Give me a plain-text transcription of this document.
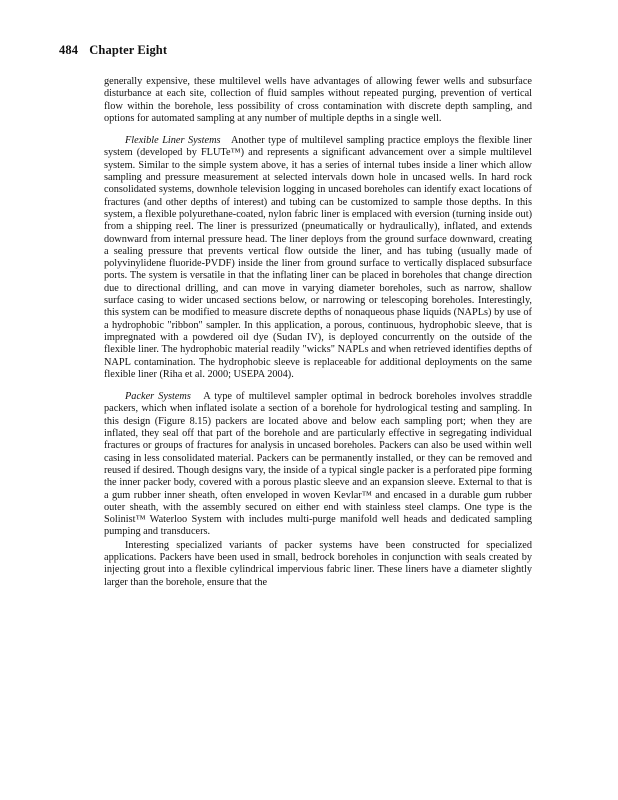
484 Chapter Eight

generally expensive, these multilevel wells have advantages of allowing fewer wells and subsurface disturbance at each site, collection of fluid samples without repeated purging, prevention of vertical flow within the borehole, less possibility of cross contamination with discrete depth sampling, and options for automated sampling at any number of multiple depths in a single well.

Flexible Liner Systems Another type of multilevel sampling practice employs the flexible liner system (developed by FLUTe™) and represents a significant advancement over a simple multilevel system. Similar to the simple system above, it has a series of internal tubes inside a liner which allow sampling and pressure measurement at selected intervals down hole in uncased wells. In hard rock consolidated systems, downhole television logging in uncased boreholes can identify exact locations of fractures (and other depths of interest) and tubing can be customized to sample those depths. In this system, a flexible polyurethane-coated, nylon fabric liner is emplaced with eversion (turning inside out) from a shipping reel. The liner is pressurized (pneumatically or hydraulically), inflated, and extends downward from internal pressure head. The liner deploys from the ground surface downward, creating a sealing pressure that prevents vertical flow outside the liner, and has tubing (usually made of polyvinylidene fluoride-PVDF) inside the liner from ground surface to vertically displaced subsurface ports. The system is versatile in that the inflating liner can be placed in boreholes that change direction due to directional drilling, and can move in varying diameter boreholes, such as narrow, shallow surface casing to wider uncased sections below, or narrowing or telescoping boreholes. Interestingly, this system can be modified to measure discrete depths of nonaqueous phase liquids (NAPLs) by use of a hydrophobic "ribbon" sampler. In this application, a porous, continuous, hydrophobic sleeve, that is impregnated with a powdered oil dye (Sudan IV), is deployed concurrently on the outside of the flexible liner. The hydrophobic material readily "wicks" NAPLs and when retrieved identifies depths of NAPL contamination. The hydrophobic sleeve is replaceable for additional deployments on the same flexible liner (Riha et al. 2000; USEPA 2004).

Packer Systems A type of multilevel sampler optimal in bedrock boreholes involves straddle packers, which when inflated isolate a section of a borehole for hydrological testing and sampling. In this design (Figure 8.15) packers are located above and below each sampling port; when they are inflated, they seal off that part of the borehole and are particularly effective in segregating individual fractures or groups of fractures for analysis in uncased boreholes. Packers can also be used within well casing in less consolidated material. Packers can be permanently installed, or they can be removed and reused if desired. Though designs vary, the inside of a typical single packer is a perforated pipe forming the inner packer body, covered with a porous plastic sleeve and an expansion sleeve. External to that is a gum rubber inner sheath, often enveloped in woven Kevlar™ and encased in a durable gum rubber outer sheath, with the assembly secured on either end with stainless steel clamps. One type is the Solinist™ Waterloo System with includes multi-purge manifold well heads and dedicated sampling pumping and transducers.

Interesting specialized variants of packer systems have been constructed for specialized applications. Packers have been used in small, bedrock boreholes in conjunction with seals created by injecting grout into a flexible cylindrical impervious fabric liner. These liners have a diameter slightly larger than the borehole, ensure that the
